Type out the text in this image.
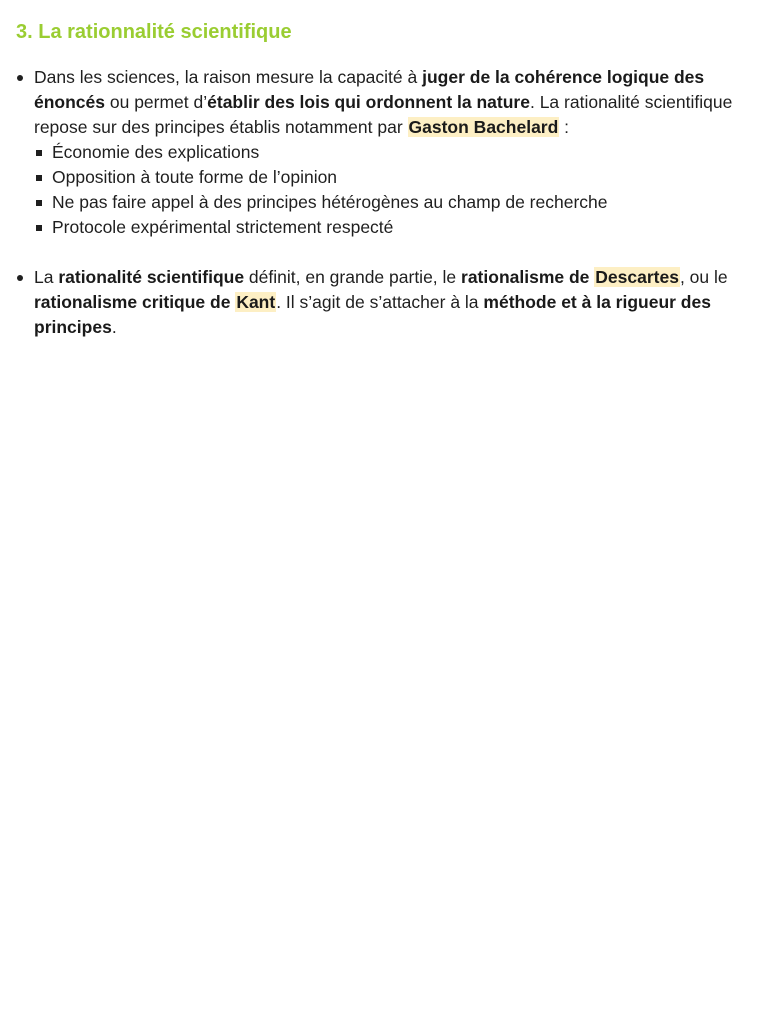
3. La rationnalité scientifique
Dans les sciences, la raison mesure la capacité à juger de la cohérence logique des énoncés ou permet d’établir des lois qui ordonnent la nature. La rationalité scientifique repose sur des principes établis notamment par Gaston Bachelard :
Économie des explications
Opposition à toute forme de l’opinion
Ne pas faire appel à des principes hétérogènes au champ de recherche
Protocole expérimental strictement respecté
La rationalité scientifique définit, en grande partie, le rationalisme de Descartes, ou le rationalisme critique de Kant. Il s’agit de s’attacher à la méthode et à la rigueur des principes.
